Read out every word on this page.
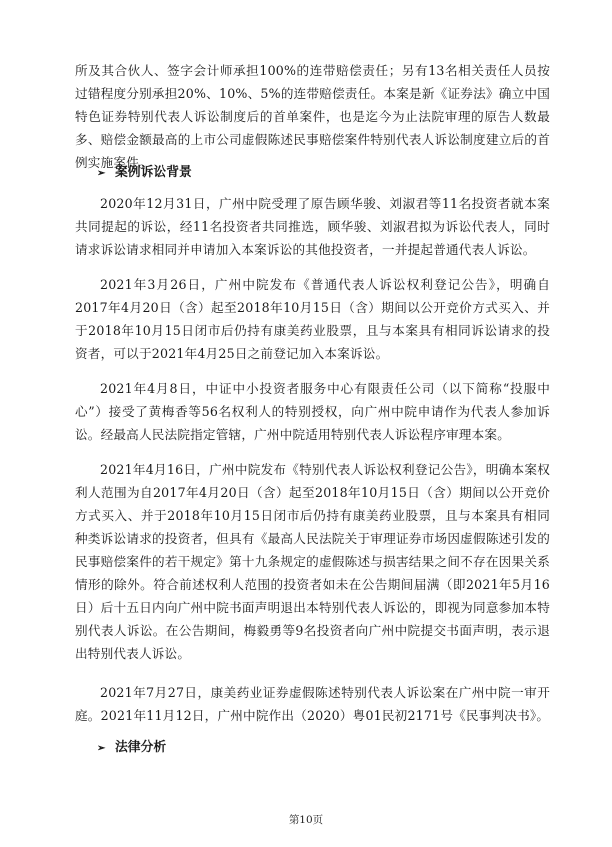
所及其合伙人、签字会计师承担100%的连带赔偿责任；另有13名相关责任人员按过错程度分别承担20%、10%、5%的连带赔偿责任。本案是新《证券法》确立中国特色证券特别代表人诉讼制度后的首单案件，也是迄今为止法院审理的原告人数最多、赔偿金额最高的上市公司虚假陈述民事赔偿案件特别代表人诉讼制度建立后的首例实施案件。

➢ 案例诉讼背景

2020年12月31日，广州中院受理了原告顾华骏、刘淑君等11名投资者就本案共同提起的诉讼，经11名投资者共同推选，顾华骏、刘淑君拟为诉讼代表人，同时请求诉讼请求相同并申请加入本案诉讼的其他投资者，一并提起普通代表人诉讼。

2021年3月26日，广州中院发布《普通代表人诉讼权利登记公告》，明确自2017年4月20日（含）起至2018年10月15日（含）期间以公开竞价方式买入、并于2018年10月15日闭市后仍持有康美药业股票，且与本案具有相同诉讼请求的投资者，可以于2021年4月25日之前登记加入本案诉讼。

2021年4月8日，中证中小投资者服务中心有限责任公司（以下简称“投服中心”）接受了黄梅香等56名权利人的特别授权，向广州中院申请作为代表人参加诉讼。经最高人民法院指定管辖，广州中院适用特别代表人诉讼程序审理本案。

2021年4月16日，广州中院发布《特别代表人诉讼权利登记公告》，明确本案权利人范围为自2017年4月20日（含）起至2018年10月15日（含）期间以公开竞价方式买入、并于2018年10月15日闭市后仍持有康美药业股票，且与本案具有相同种类诉讼请求的投资者，但具有《最高人民法院关于审理证券市场因虚假陈述引发的民事赔偿案件的若干规定》第十九条规定的虚假陈述与损害结果之间不存在因果关系情形的除外。符合前述权利人范围的投资者如未在公告期间届满（即2021年5月16日）后十五日内向广州中院书面声明退出本特别代表人诉讼的，即视为同意参加本特别代表人诉讼。在公告期间，梅毅勇等9名投资者向广州中院提交书面声明，表示退出特别代表人诉讼。

2021年7月27日，康美药业证券虚假陈述特别代表人诉讼案在广州中院一审开庭。2021年11月12日，广州中院作出（2020）粤01民初2171号《民事判决书》。

➢ 法律分析

第10页
